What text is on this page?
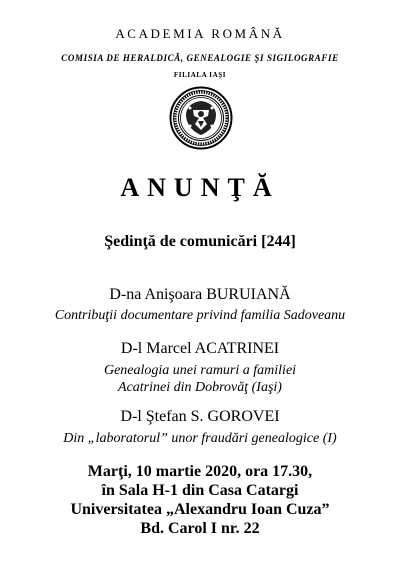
ACADEMIA ROMÂNĂ
COMISIA DE HERALDICĂ, GENEALOGIE ŞI SIGILOGRAFIE
FILIALA IAŞI
ANUNŢĂ
Şedinţă de comunicări [244]
D-na Anişoara BURUIANĂ
Contribuţii documentare privind familia Sadoveanu
D-l Marcel ACATRINEI
Genealogia unei ramuri a familiei
Acatrinei din Dobrovăţ (Iaşi)
D-l Ştefan S. GOROVEI
Din „laboratorul” unor fraudări genealogice (I)
Marţi, 10 martie 2020, ora 17.30,
în Sala H-1 din Casa Catargi
Universitatea „Alexandru Ioan Cuza”
Bd. Carol I nr. 22
